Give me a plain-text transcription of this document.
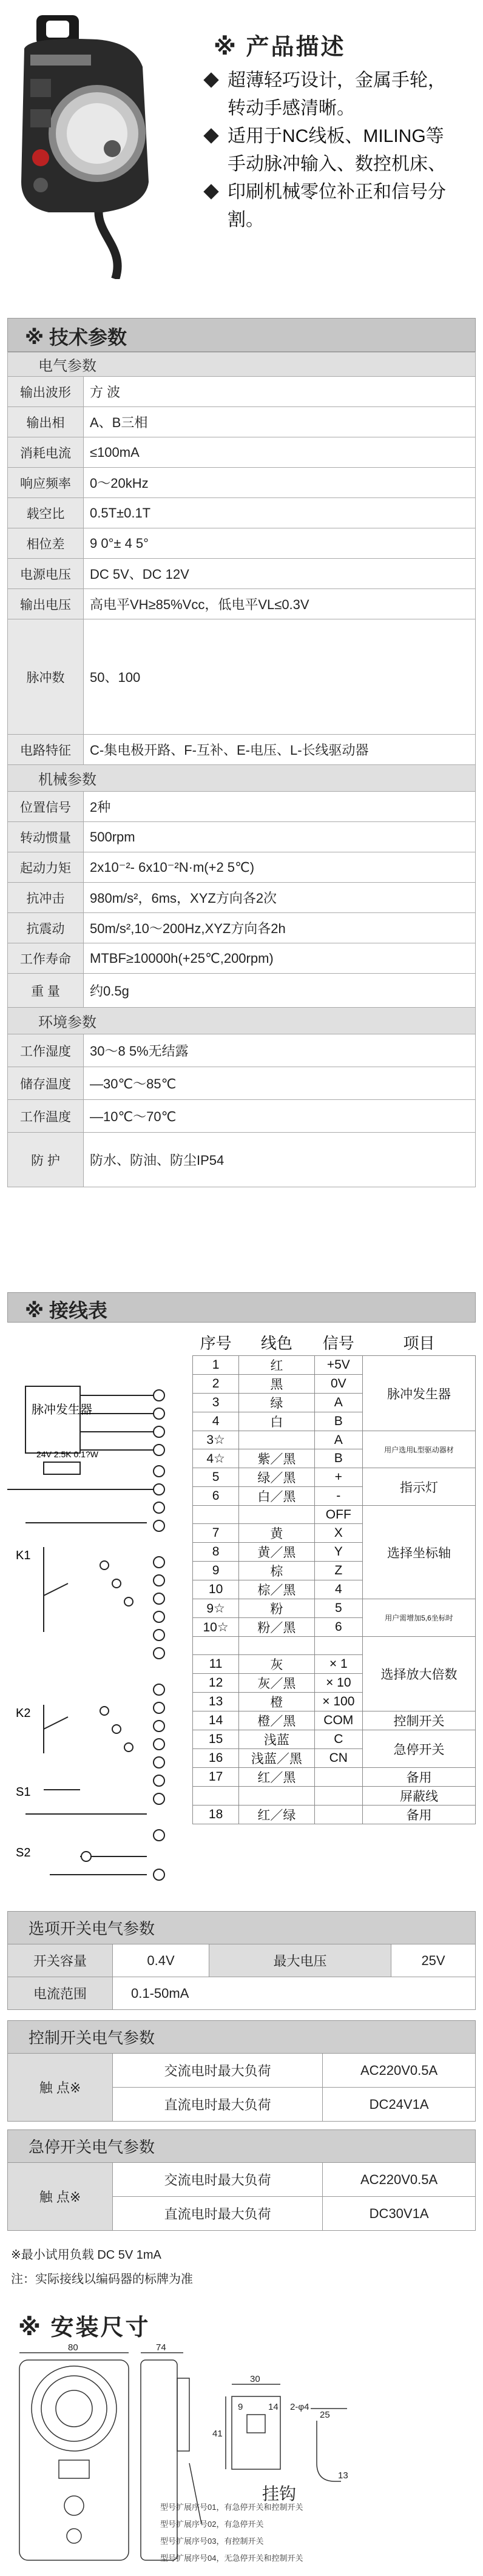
※ 产品描述
超薄轻巧设计，金属手轮，
转动手感清晰。
适用于NC线板、MILING等
手动脉冲输入、数控机床、
印刷机械零位补正和信号分
割。
※ 技术参数
电气参数	
输出波形	方 波
输出相	A、B三相
消耗电流	≤100mA
响应频率	0～20kHz
载空比	0.5T±0.1T
相位差	9 0°± 4 5°
电源电压	DC 5V、DC 12V
输出电压	高电平VH≥85%Vcc，低电平VL≤0.3V
脉冲数	50、100
电路特征	C-集电极开路、F-互补、E-电压、L-长线驱动器
机械参数	
位置信号	2种
转动惯量	500rpm
起动力矩	2x10⁻²- 6x10⁻²N·m(+2 5℃)
抗冲击	980m/s²，6ms，XYZ方向各2次
抗震动	50m/s²,10～200Hz,XYZ方向各2h
工作寿命	MTBF≥10000h(+25℃,200rpm)
重 量	约0.5g
环境参数	
工作湿度	30～8 5%无结露
储存温度	—30℃～85℃
工作温度	—10℃～70℃
防 护	防水、防油、防尘IP54
※ 接线表
脉冲发生器
24V 2.5K 0.1?W
K1
K2
S1
S2
序号	线色	信号	项目
1	红	+5V	脉冲发生器
2	黑	0V	
3	绿	A	
4	白	B	
3☆		A	用户选用L型驱动器材
4☆	紫／黑	B	
5	绿／黑	+	指示灯
6	白／黑	-	
		OFF	选择坐标轴
7	黄	X	
8	黄／黑	Y	
9	棕	Z	
10	棕／黑	4	
9☆	粉	5	用户需增加5,6坐标时
10☆	粉／黑	6	
			选择放大倍数
11	灰	× 1	
12	灰／黑	× 10	
13	橙	× 100	
14	橙／黑	COM	控制开关
15	浅蓝	C	急停开关
16	浅蓝／黑	CN	
17	红／黑		备用
			屏蔽线
18	红／绿		备用
选项开关电气参数			
开关容量	0.4V	最大电压	25V
电流范围	0.1-50mA		
控制开关电气参数		
触 点※	交流电时最大负荷	AC220V0.5A
	直流电时最大负荷	DC24V1A
急停开关电气参数		
触 点※	交流电时最大负荷	AC220V0.5A
	直流电时最大负荷	DC30V1A
※最小试用负载 DC 5V 1mA
注：实际接线以编码器的标牌为准
※ 安装尺寸
80	74
30
9	14 2-φ4
41
25
13
挂钩
型号扩展序号01，有急停开关和控制开关
型号扩展序号02，有急停开关
型号扩展序号03，有控制开关
型号扩展序号04，无急停开关和控制开关
